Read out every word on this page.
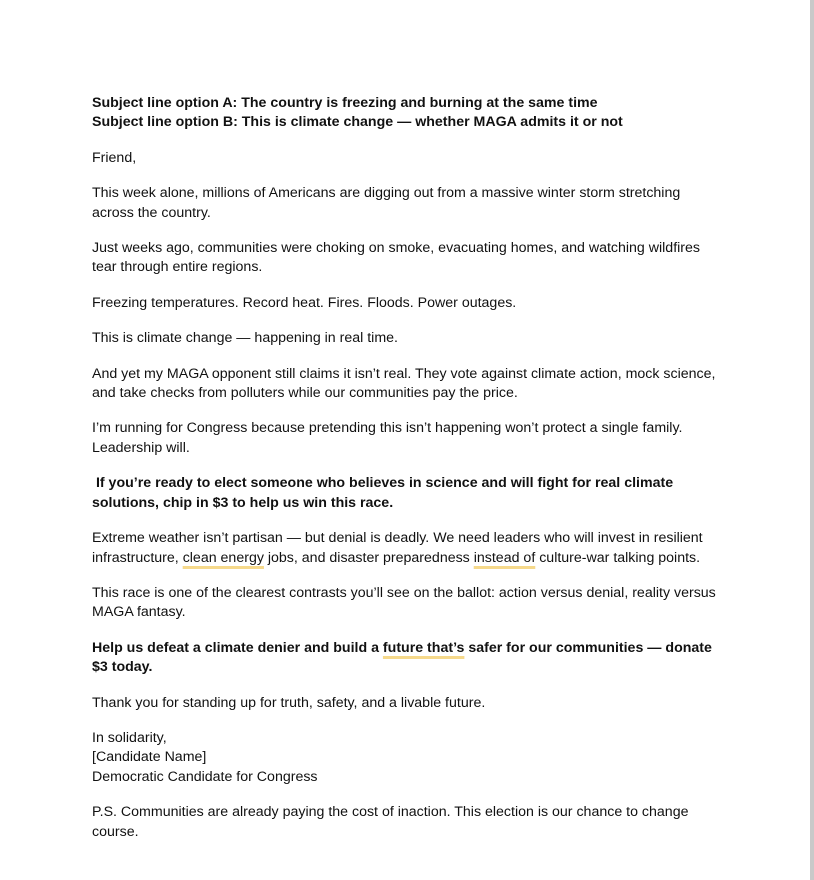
Subject line option A: The country is freezing and burning at the same time
Subject line option B: This is climate change — whether MAGA admits it or not

Friend,

This week alone, millions of Americans are digging out from a massive winter storm stretching across the country.

Just weeks ago, communities were choking on smoke, evacuating homes, and watching wildfires tear through entire regions.

Freezing temperatures. Record heat. Fires. Floods. Power outages.

This is climate change — happening in real time.

And yet my MAGA opponent still claims it isn’t real. They vote against climate action, mock science, and take checks from polluters while our communities pay the price.

I’m running for Congress because pretending this isn’t happening won’t protect a single family. Leadership will.

If you’re ready to elect someone who believes in science and will fight for real climate solutions, chip in $3 to help us win this race.

Extreme weather isn’t partisan — but denial is deadly. We need leaders who will invest in resilient infrastructure, clean energy jobs, and disaster preparedness instead of culture-war talking points.

This race is one of the clearest contrasts you’ll see on the ballot: action versus denial, reality versus MAGA fantasy.

Help us defeat a climate denier and build a future that’s safer for our communities — donate $3 today.

Thank you for standing up for truth, safety, and a livable future.

In solidarity,
[Candidate Name]
Democratic Candidate for Congress

P.S. Communities are already paying the cost of inaction. This election is our chance to change course.
